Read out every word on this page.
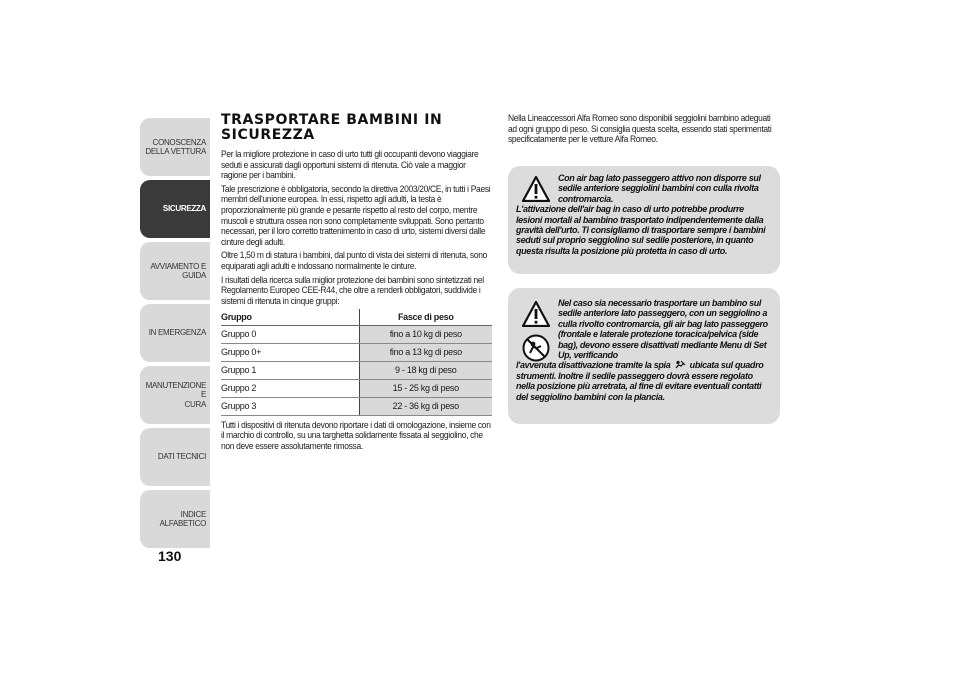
CONOSCENZA
DELLA VETTURA
SICUREZZA
AVVIAMENTO E
GUIDA
IN EMERGENZA
MANUTENZIONE E
CURA
DATI TECNICI
INDICE ALFABETICO
130
TRASPORTARE BAMBINI IN SICUREZZA

Per la migliore protezione in caso di urto tutti gli occupanti devono viaggiare seduti e assicurati dagli opportuni sistemi di ritenuta. Ciò vale a maggior ragione per i bambini.

Tale prescrizione è obbligatoria, secondo la direttiva 2003/20/CE, in tutti i Paesi membri dell'unione europea. In essi, rispetto agli adulti, la testa è proporzionalmente più grande e pesante rispetto al resto del corpo, mentre muscoli e struttura ossea non sono completamente sviluppati. Sono pertanto necessari, per il loro corretto trattenimento in caso di urto, sistemi diversi dalle cinture degli adulti.

Oltre 1,50 m di statura i bambini, dal punto di vista dei sistemi di ritenuta, sono equiparati agli adulti e indossano normalmente le cinture.

I risultati della ricerca sulla miglior protezione dei bambini sono sintetizzati nel Regolamento Europeo CEE-R44, che oltre a renderli obbligatori, suddivide i sistemi di ritenuta in cinque gruppi:

Gruppo	Fasce di peso
Gruppo 0	fino a 10 kg di peso
Gruppo 0+	fino a 13 kg di peso
Gruppo 1	9 - 18 kg di peso
Gruppo 2	15 - 25 kg di peso
Gruppo 3	22 - 36 kg di peso

Tutti i dispositivi di ritenuta devono riportare i dati di omologazione, insieme con il marchio di controllo, su una targhetta solidamente fissata al seggiolino, che non deve essere assolutamente rimossa.

Nella Lineaccessori Alfa Romeo sono disponibili seggiolini bambino adeguati ad ogni gruppo di peso. Si consiglia questa scelta, essendo stati sperimentati specificatamente per le vetture Alfa Romeo.

Con air bag lato passeggero attivo non disporre sul sedile anteriore seggiolini bambini con culla rivolta contromarcia.
L'attivazione dell'air bag in caso di urto potrebbe produrre lesioni mortali al bambino trasportato indipendentemente dalla gravità dell'urto. Ti consigliamo di trasportare sempre i bambini seduti sul proprio seggiolino sul sedile posteriore, in quanto questa risulta la posizione più protetta in caso di urto.
Nel caso sia necessario trasportare un bambino sul sedile anteriore lato passeggero, con un seggiolino a culla rivolto contromarcia, gli air bag lato passeggero (frontale e laterale protezione toracica/pelvica (side bag), devono essere disattivati mediante Menu di Set Up, verificando
l'avvenuta disattivazione tramite la spia ubicata sul quadro strumenti. Inoltre il sedile passeggero dovrà essere regolato nella posizione più arretrata, al fine di evitare eventuali contatti del seggiolino bambini con la plancia.
